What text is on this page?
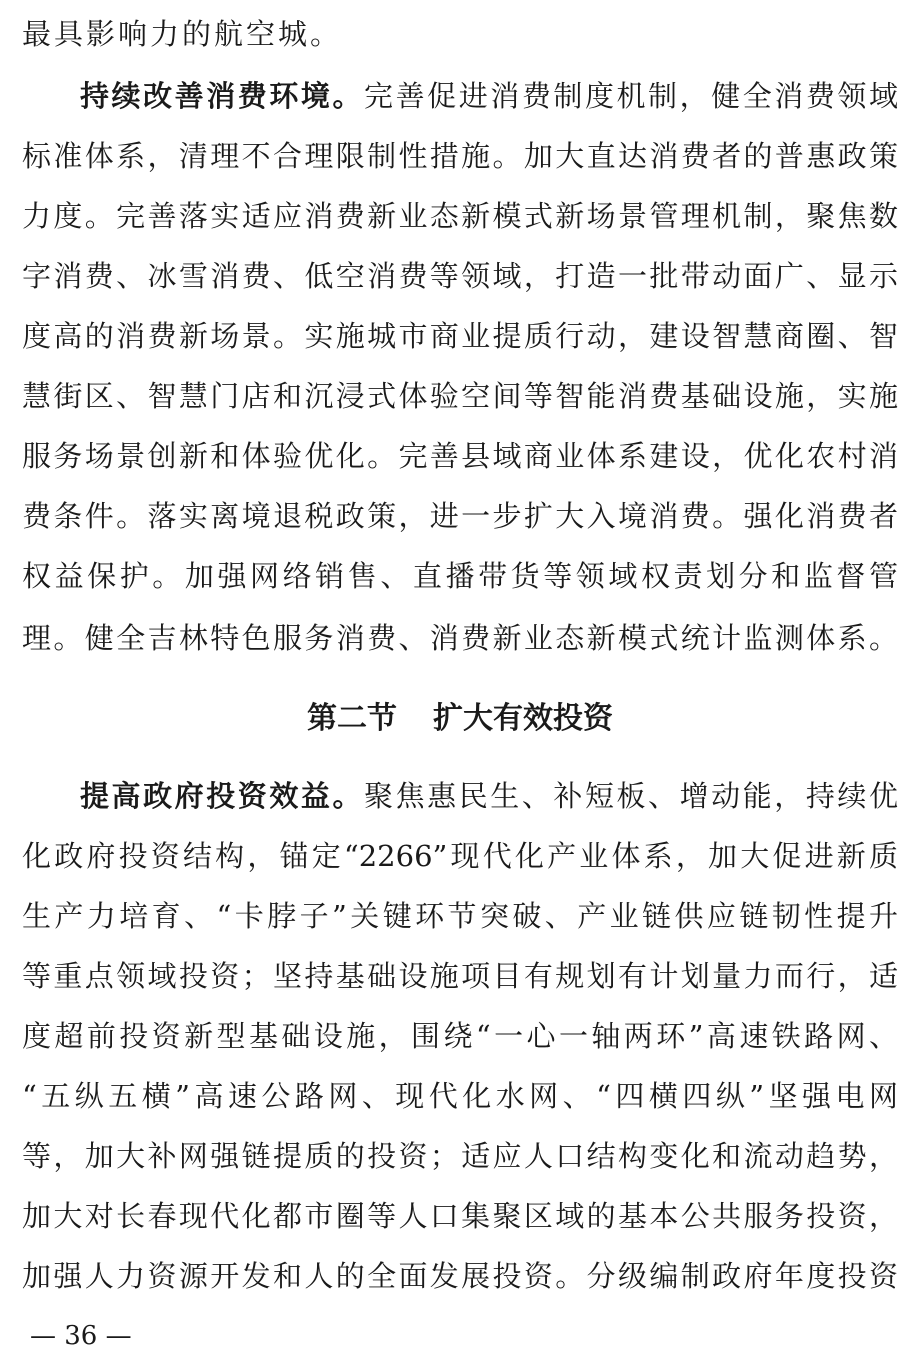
最具影响力的航空城。
持续改善消费环境。完善促进消费制度机制，健全消费领域
标准体系，清理不合理限制性措施。加大直达消费者的普惠政策
力度。完善落实适应消费新业态新模式新场景管理机制，聚焦数
字消费、冰雪消费、低空消费等领域，打造一批带动面广、显示
度高的消费新场景。实施城市商业提质行动，建设智慧商圈、智
慧街区、智慧门店和沉浸式体验空间等智能消费基础设施，实施
服务场景创新和体验优化。完善县域商业体系建设，优化农村消
费条件。落实离境退税政策，进一步扩大入境消费。强化消费者
权益保护。加强网络销售、直播带货等领域权责划分和监督管
理。健全吉林特色服务消费、消费新业态新模式统计监测体系。
第二节 扩大有效投资
提高政府投资效益。聚焦惠民生、补短板、增动能，持续优
化政府投资结构，锚定“2266”现代化产业体系，加大促进新质
生产力培育、“卡脖子”关键环节突破、产业链供应链韧性提升
等重点领域投资；坚持基础设施项目有规划有计划量力而行，适
度超前投资新型基础设施，围绕“一心一轴两环”高速铁路网、
“五纵五横”高速公路网、现代化水网、“四横四纵”坚强电网
等，加大补网强链提质的投资；适应人口结构变化和流动趋势，
加大对长春现代化都市圈等人口集聚区域的基本公共服务投资，
加强人力资源开发和人的全面发展投资。分级编制政府年度投资
— 36 —
